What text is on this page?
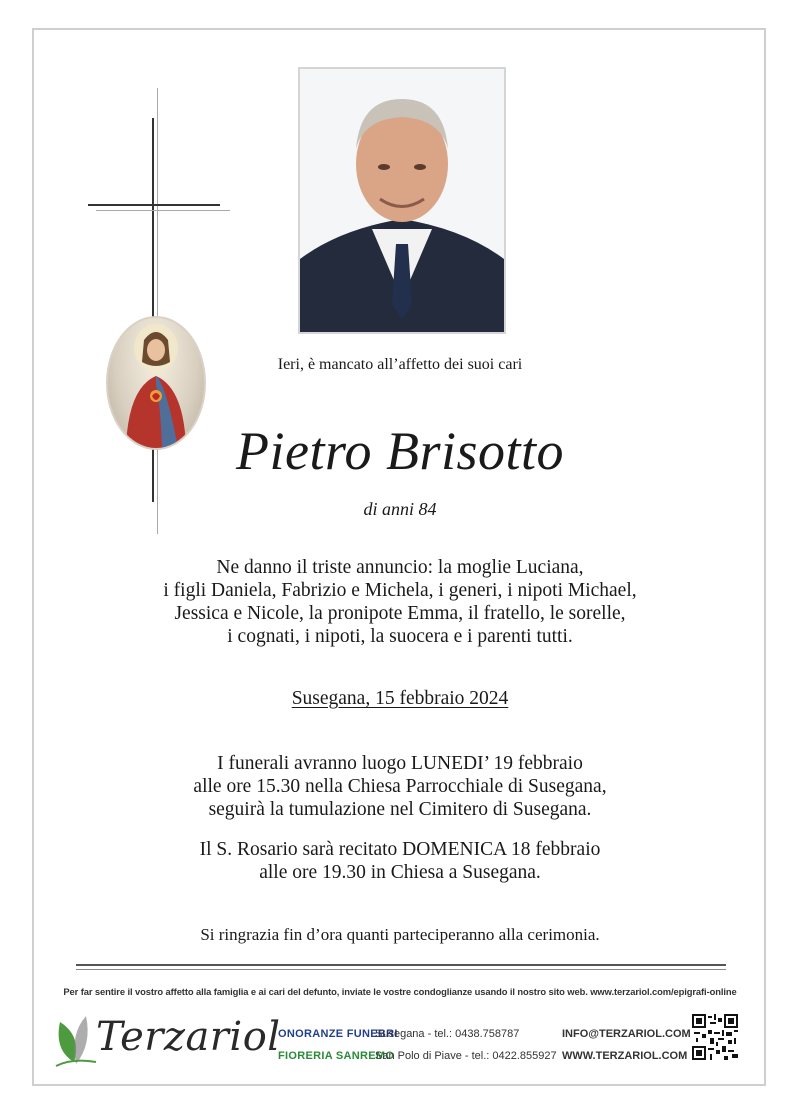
Ieri, è mancato all’affetto dei suoi cari
Pietro Brisotto
di anni 84
Ne danno il triste annuncio: la moglie Luciana,
i figli Daniela, Fabrizio e Michela, i generi, i nipoti Michael,
Jessica e Nicole, la pronipote Emma, il fratello, le sorelle,
i cognati, i nipoti, la suocera e i parenti tutti.
Susegana, 15 febbraio 2024
I funerali avranno luogo LUNEDI’ 19 febbraio
alle ore 15.30 nella Chiesa Parrocchiale di Susegana,
seguirà la tumulazione nel Cimitero di Susegana.
Il S. Rosario sarà recitato DOMENICA 18 febbraio
alle ore 19.30 in Chiesa a Susegana.
Si ringrazia fin d’ora quanti parteciperanno alla cerimonia.
Per far sentire il vostro affetto alla famiglia e ai cari del defunto, inviate le vostre condoglianze usando il nostro sito web. www.terzariol.com/epigrafi-online
Terzariol
ONORANZE FUNEBRI
FIORERIA SANREMO
Susegana - tel.: 0438.758787
San Polo di Piave - tel.: 0422.855927
INFO@TERZARIOL.COM
WWW.TERZARIOL.COM
